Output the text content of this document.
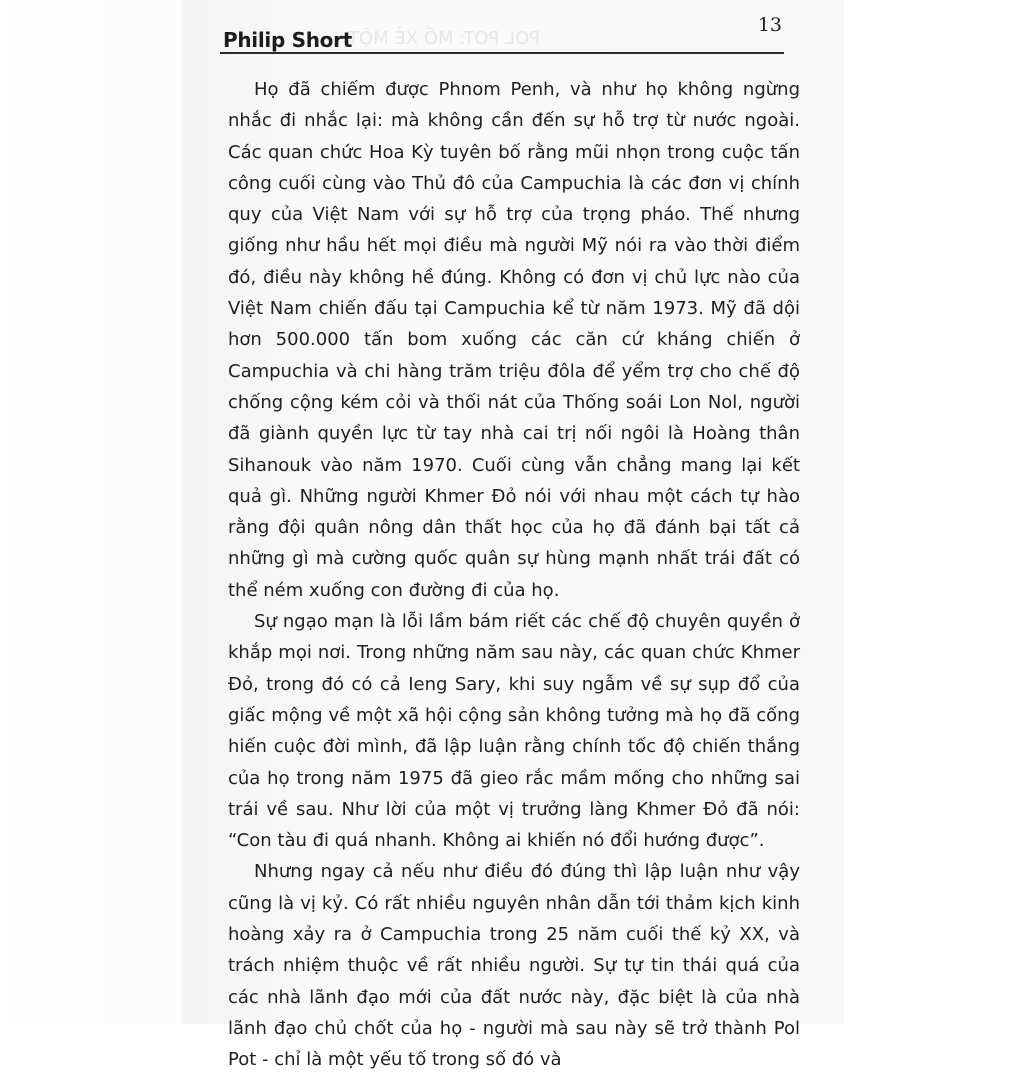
Philip Short
POL POT: MỔ XẺ MỘT
13

Họ đã chiếm được Phnom Penh, và như họ không ngừng nhắc đi nhắc lại: mà không cần đến sự hỗ trợ từ nước ngoài. Các quan chức Hoa Kỳ tuyên bố rằng mũi nhọn trong cuộc tấn công cuối cùng vào Thủ đô của Campuchia là các đơn vị chính quy của Việt Nam với sự hỗ trợ của trọng pháo. Thế nhưng giống như hầu hết mọi điều mà người Mỹ nói ra vào thời điểm đó, điều này không hề đúng. Không có đơn vị chủ lực nào của Việt Nam chiến đấu tại Campuchia kể từ năm 1973. Mỹ đã dội hơn 500.000 tấn bom xuống các căn cứ kháng chiến ở Campuchia và chi hàng trăm triệu đôla để yểm trợ cho chế độ chống cộng kém cỏi và thối nát của Thống soái Lon Nol, người đã giành quyền lực từ tay nhà cai trị nối ngôi là Hoàng thân Sihanouk vào năm 1970. Cuối cùng vẫn chẳng mang lại kết quả gì. Những người Khmer Đỏ nói với nhau một cách tự hào rằng đội quân nông dân thất học của họ đã đánh bại tất cả những gì mà cường quốc quân sự hùng mạnh nhất trái đất có thể ném xuống con đường đi của họ.

Sự ngạo mạn là lỗi lầm bám riết các chế độ chuyên quyền ở khắp mọi nơi. Trong những năm sau này, các quan chức Khmer Đỏ, trong đó có cả Ieng Sary, khi suy ngẫm về sự sụp đổ của giấc mộng về một xã hội cộng sản không tưởng mà họ đã cống hiến cuộc đời mình, đã lập luận rằng chính tốc độ chiến thắng của họ trong năm 1975 đã gieo rắc mầm mống cho những sai trái về sau. Như lời của một vị trưởng làng Khmer Đỏ đã nói: “Con tàu đi quá nhanh. Không ai khiến nó đổi hướng được”.

Nhưng ngay cả nếu như điều đó đúng thì lập luận như vậy cũng là vị kỷ. Có rất nhiều nguyên nhân dẫn tới thảm kịch kinh hoàng xảy ra ở Campuchia trong 25 năm cuối thế kỷ XX, và trách nhiệm thuộc về rất nhiều người. Sự tự tin thái quá của các nhà lãnh đạo mới của đất nước này, đặc biệt là của nhà lãnh đạo chủ chốt của họ - người mà sau này sẽ trở thành Pol Pot - chỉ là một yếu tố trong số đó và
